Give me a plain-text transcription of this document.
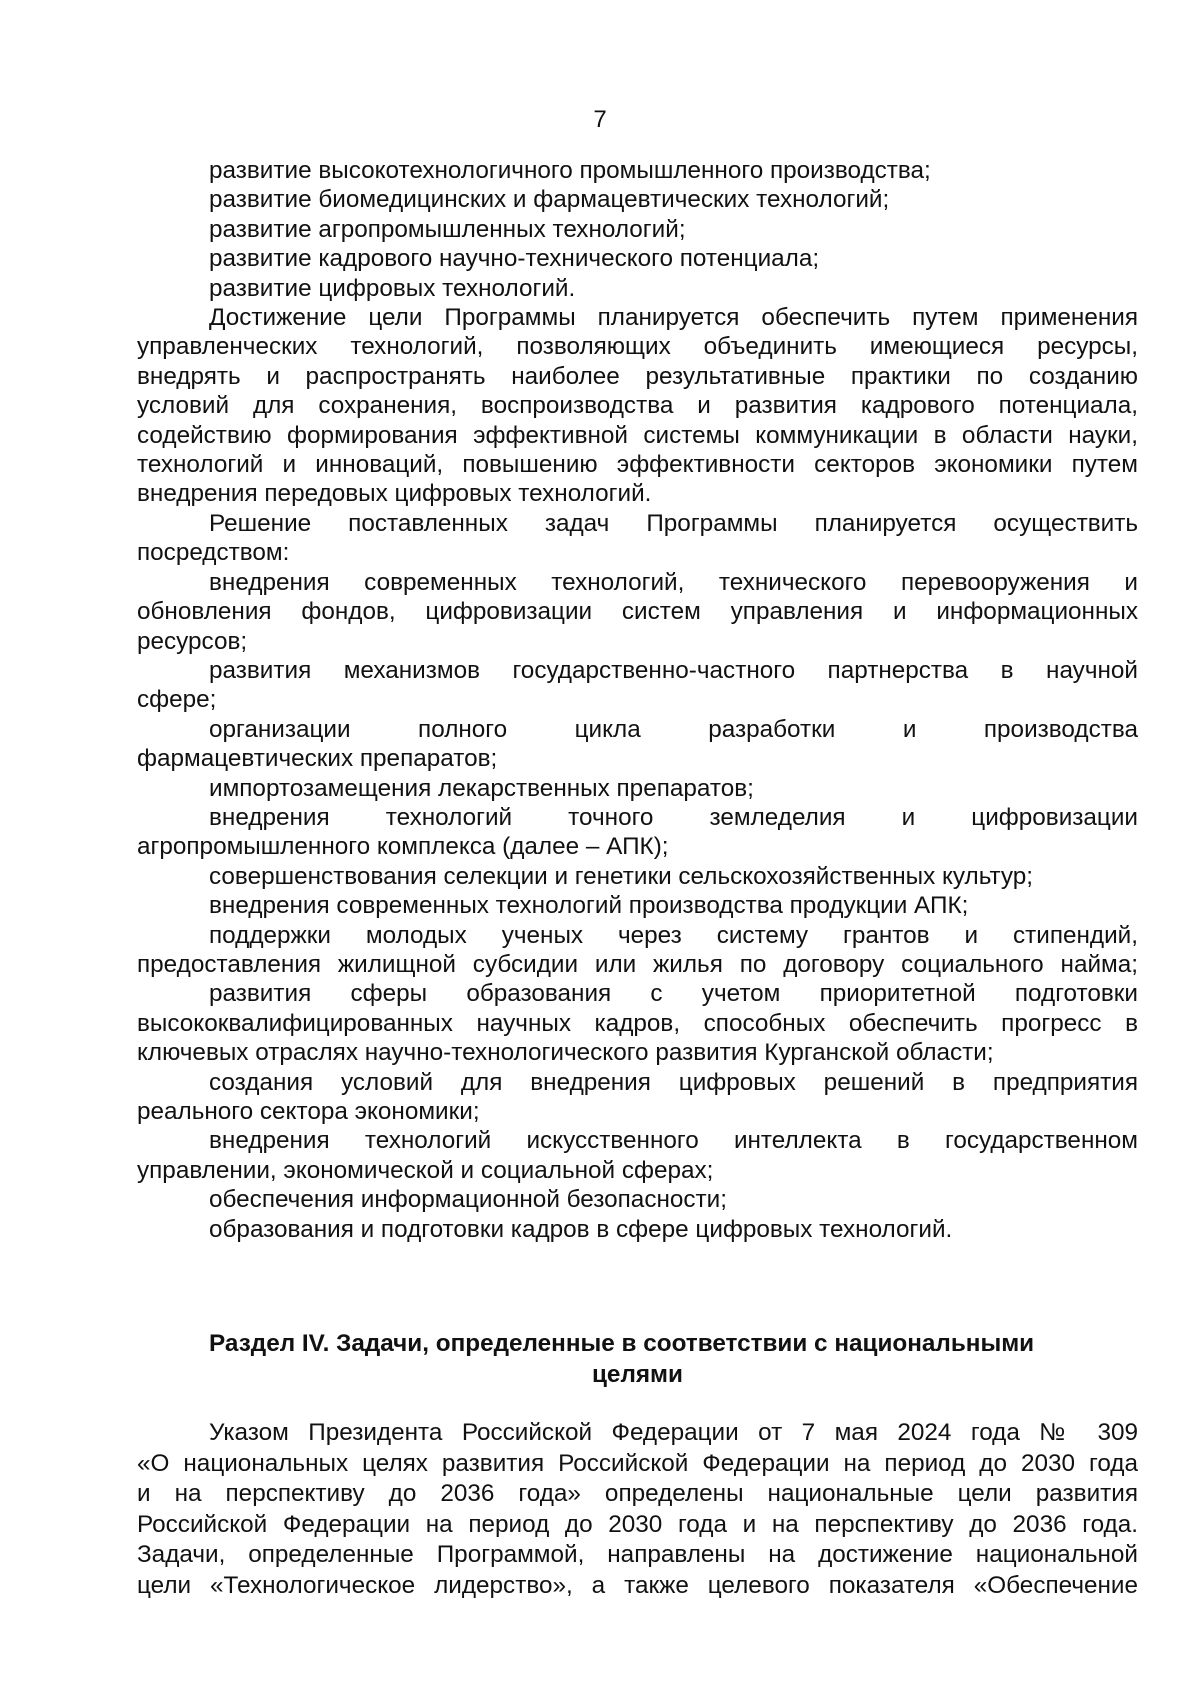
7
развитие высокотехнологичного промышленного производства;
развитие биомедицинских и фармацевтических технологий;
развитие агропромышленных технологий;
развитие кадрового научно-технического потенциала;
развитие цифровых технологий.
Достижение цели Программы планируется обеспечить путем применения
управленческих технологий, позволяющих объединить имеющиеся ресурсы,
внедрять и распространять наиболее результативные практики по созданию
условий для сохранения, воспроизводства и развития кадрового потенциала,
содействию формирования эффективной системы коммуникации в области науки,
технологий и инноваций, повышению эффективности секторов экономики путем
внедрения передовых цифровых технологий.
Решение поставленных задач Программы планируется осуществить
посредством:
внедрения современных технологий, технического перевооружения и
обновления фондов, цифровизации систем управления и информационных
ресурсов;
развития механизмов государственно-частного партнерства в научной
сфере;
организации полного цикла разработки и производства
фармацевтических препаратов;
импортозамещения лекарственных препаратов;
внедрения технологий точного земледелия и цифровизации
агропромышленного комплекса (далее – АПК);
совершенствования селекции и генетики сельскохозяйственных культур;
внедрения современных технологий производства продукции АПК;
поддержки молодых ученых через систему грантов и стипендий,
предоставления жилищной субсидии или жилья по договору социального найма;
развития сферы образования с учетом приоритетной подготовки
высококвалифицированных научных кадров, способных обеспечить прогресс в
ключевых отраслях научно-технологического развития Курганской области;
создания условий для внедрения цифровых решений в предприятия
реального сектора экономики;
внедрения технологий искусственного интеллекта в государственном
управлении, экономической и социальной сферах;
обеспечения информационной безопасности;
образования и подготовки кадров в сфере цифровых технологий.
Раздел IV. Задачи, определенные в соответствии с национальными
целями
Указом Президента Российской Федерации от 7 мая 2024 года № 309
«О национальных целях развития Российской Федерации на период до 2030 года
и на перспективу до 2036 года» определены национальные цели развития
Российской Федерации на период до 2030 года и на перспективу до 2036 года.
Задачи, определенные Программой, направлены на достижение национальной
цели «Технологическое лидерство», а также целевого показателя «Обеспечение
